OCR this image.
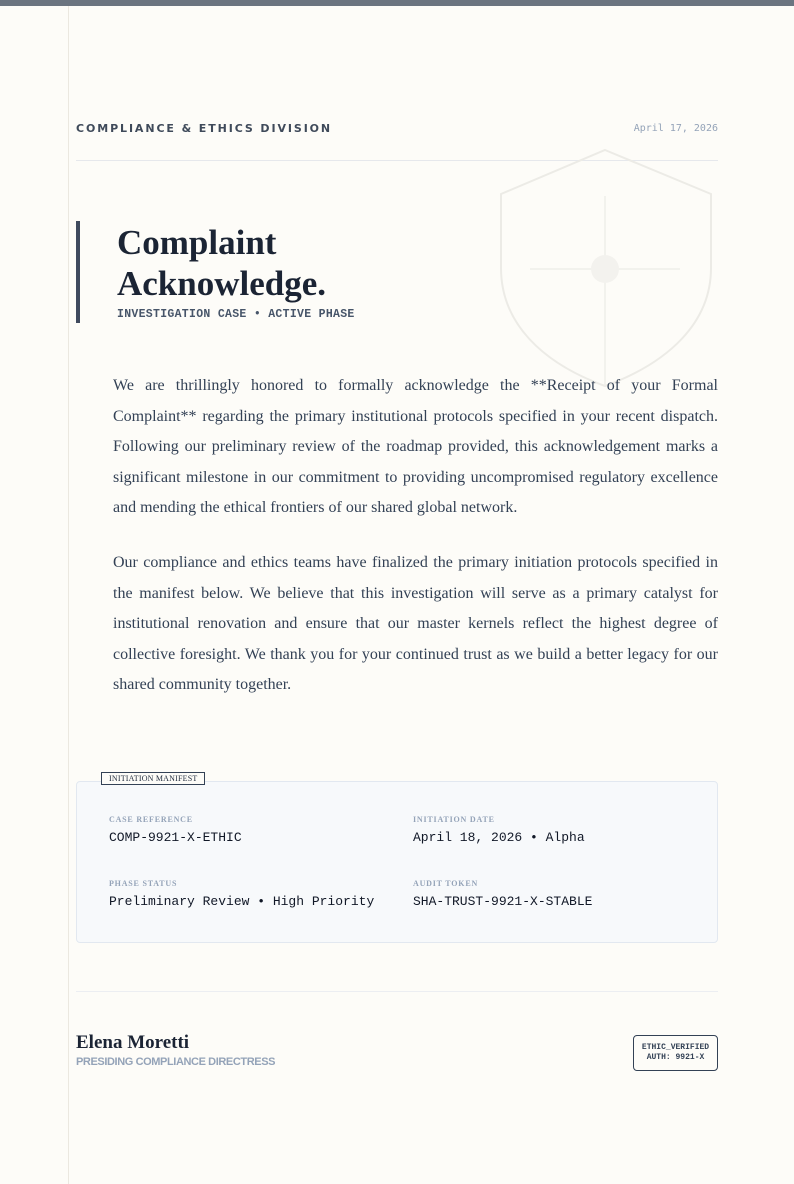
COMPLIANCE & ETHICS DIVISION	April 17, 2026
Complaint
Acknowledge.
INVESTIGATION CASE • ACTIVE PHASE

We are thrillingly honored to formally acknowledge the **Receipt of your Formal Complaint** regarding the primary institutional protocols specified in your recent dispatch. Following our preliminary review of the roadmap provided, this acknowledgement marks a significant milestone in our commitment to providing uncompromised regulatory excellence and mending the ethical frontiers of our shared global network.

Our compliance and ethics teams have finalized the primary initiation protocols specified in the manifest below. We believe that this investigation will serve as a primary catalyst for institutional renovation and ensure that our master kernels reflect the highest degree of collective foresight. We thank you for your continued trust as we build a better legacy for our shared community together.

INITIATION MANIFEST
CASE REFERENCE
COMP-9921-X-ETHIC
INITIATION DATE
April 18, 2026 • Alpha
PHASE STATUS
Preliminary Review • High Priority
AUDIT TOKEN
SHA-TRUST-9921-X-STABLE
Elena Moretti
PRESIDING COMPLIANCE DIRECTRESS
ETHIC_VERIFIED
AUTH: 9921-X
